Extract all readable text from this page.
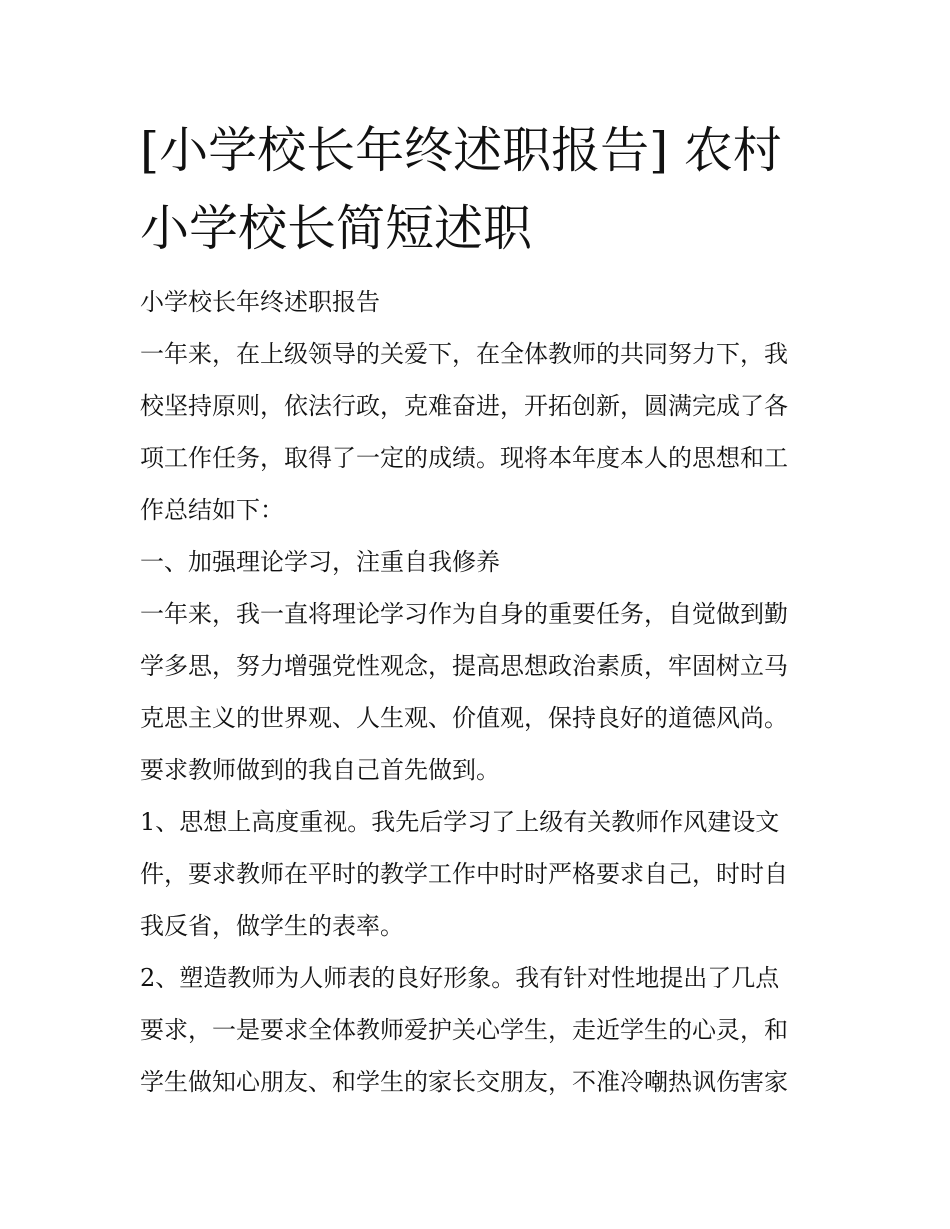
[小学校长年终述职报告] 农村
小学校长简短述职
小学校长年终述职报告
一年来，在上级领导的关爱下，在全体教师的共同努力下，我
校坚持原则，依法行政，克难奋进，开拓创新，圆满完成了各
项工作任务，取得了一定的成绩。现将本年度本人的思想和工
作总结如下：
一、加强理论学习，注重自我修养
一年来，我一直将理论学习作为自身的重要任务，自觉做到勤
学多思，努力增强党性观念，提高思想政治素质，牢固树立马
克思主义的世界观、人生观、价值观，保持良好的道德风尚。
要求教师做到的我自己首先做到。
1、思想上高度重视。我先后学习了上级有关教师作风建设文
件，要求教师在平时的教学工作中时时严格要求自己，时时自
我反省，做学生的表率。
2、塑造教师为人师表的良好形象。我有针对性地提出了几点
要求，一是要求全体教师爱护关心学生，走近学生的心灵，和
学生做知心朋友、和学生的家长交朋友，不准冷嘲热讽伤害家
